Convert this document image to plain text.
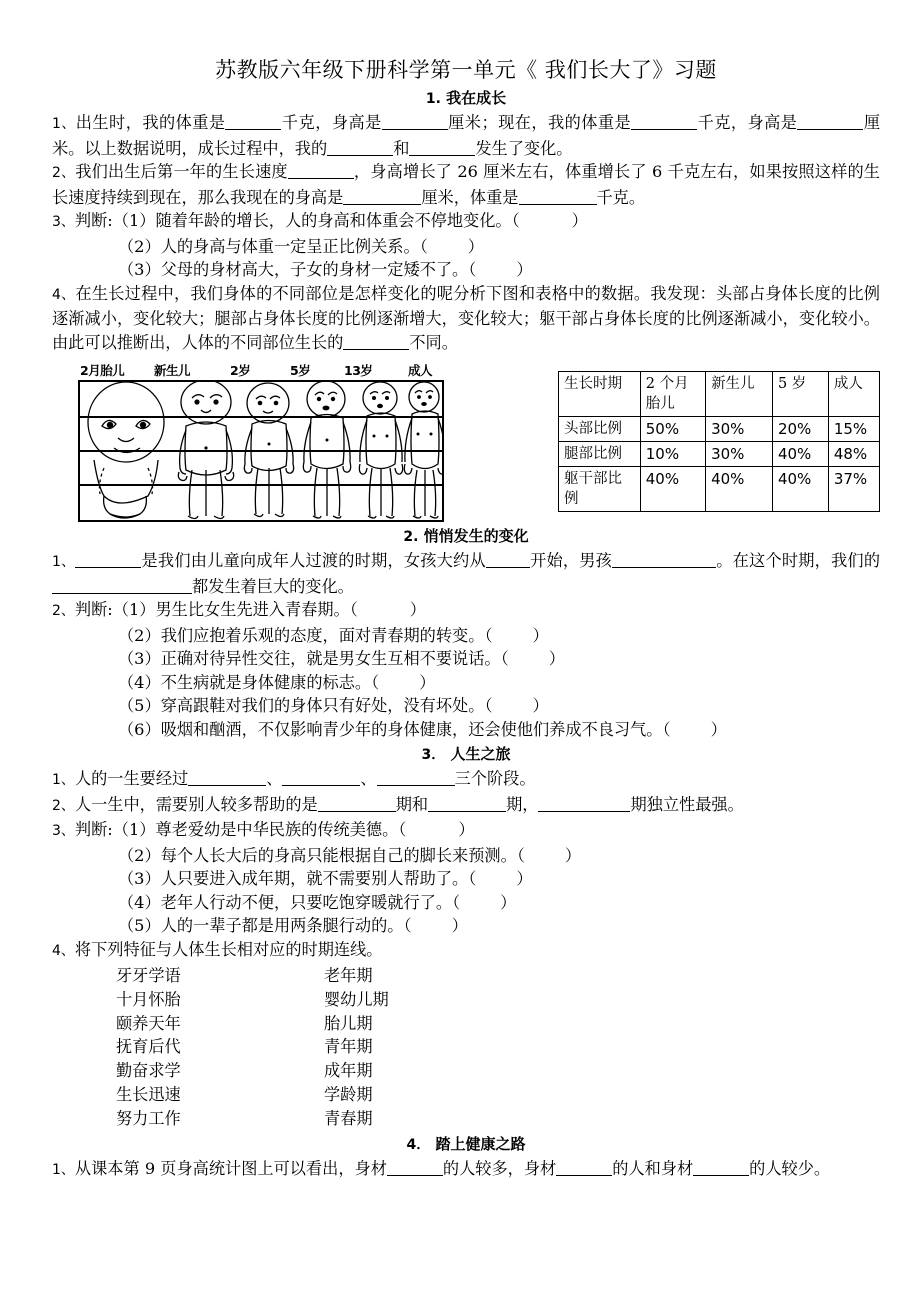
苏教版六年级下册科学第一单元《 我们长大了》习题
1. 我在成长

1、出生时，我的体重是	千克，身高是	厘米；现在，我的体重是	千克，身高是	厘米。以上数据说明，成长过程中，我的	和	发生了变化。

2、我们出生后第一年的生长速度	，身高增长了 26 厘米左右，体重增长了 6 千克左右，如果按照这样的生长速度持续到现在，那么我现在的身高是	厘米，体重是	千克。

3、判断:（1）随着年龄的增长，人的身高和体重会不停地变化。（	）

（2）人的身高与体重一定呈正比例关系。（ ）

（3）父母的身材高大，子女的身材一定矮不了。（ ）

4、在生长过程中，我们身体的不同部位是怎样变化的呢分析下图和表格中的数据。我发现：头部占身体长度的比例逐渐减小，变化较大；腿部占身体长度的比例逐渐增大，变化较大；躯干部占身体长度的比例逐渐减小，变化较小。由此可以推断出，人体的不同部位生长的	不同。

2月胎儿 新生儿	2岁	5岁	13岁	成人
生长时期	2 个月胎儿	新生儿	5 岁	成人
头部比例	50%	30%	20%	15%
腿部比例	10%	30%	40%	48%
躯干部比例	40%	40%	40%	37%
2. 悄悄发生的变化

1、	是我们由儿童向成年人过渡的时期，女孩大约从	开始，男孩	。在这个时期，我们的都发生着巨大的变化。

2、判断:（1）男生比女生先进入青春期。（	）

（2）我们应抱着乐观的态度，面对青春期的转变。（ ）

（3）正确对待异性交往，就是男女生互相不要说话。（ ）

（4）不生病就是身体健康的标志。（ ）

（5）穿高跟鞋对我们的身体只有好处，没有坏处。（ ）

（6）吸烟和酗酒，不仅影响青少年的身体健康，还会使他们养成不良习气。（ ）

3． 人生之旅

1、人的一生要经过	、	、	三个阶段。

2、人一生中，需要别人较多帮助的是	期和	期，	期独立性最强。

3、判断:（1）尊老爱幼是中华民族的传统美德。（	）

（2）每个人长大后的身高只能根据自己的脚长来预测。（ ）

（3）人只要进入成年期，就不需要别人帮助了。（ ）

（4）老年人行动不便，只要吃饱穿暖就行了。（ ）

（5）人的一辈子都是用两条腿行动的。（ ）

4、将下列特征与人体生长相对应的时期连线。

牙牙学语	老年期
十月怀胎	婴幼儿期
颐养天年	胎儿期
抚育后代	青年期
勤奋求学	成年期
生长迅速	学龄期
努力工作	青春期
4． 踏上健康之路

1、从课本第 9 页身高统计图上可以看出，身材	的人较多，身材	的人和身材	的人较少。
